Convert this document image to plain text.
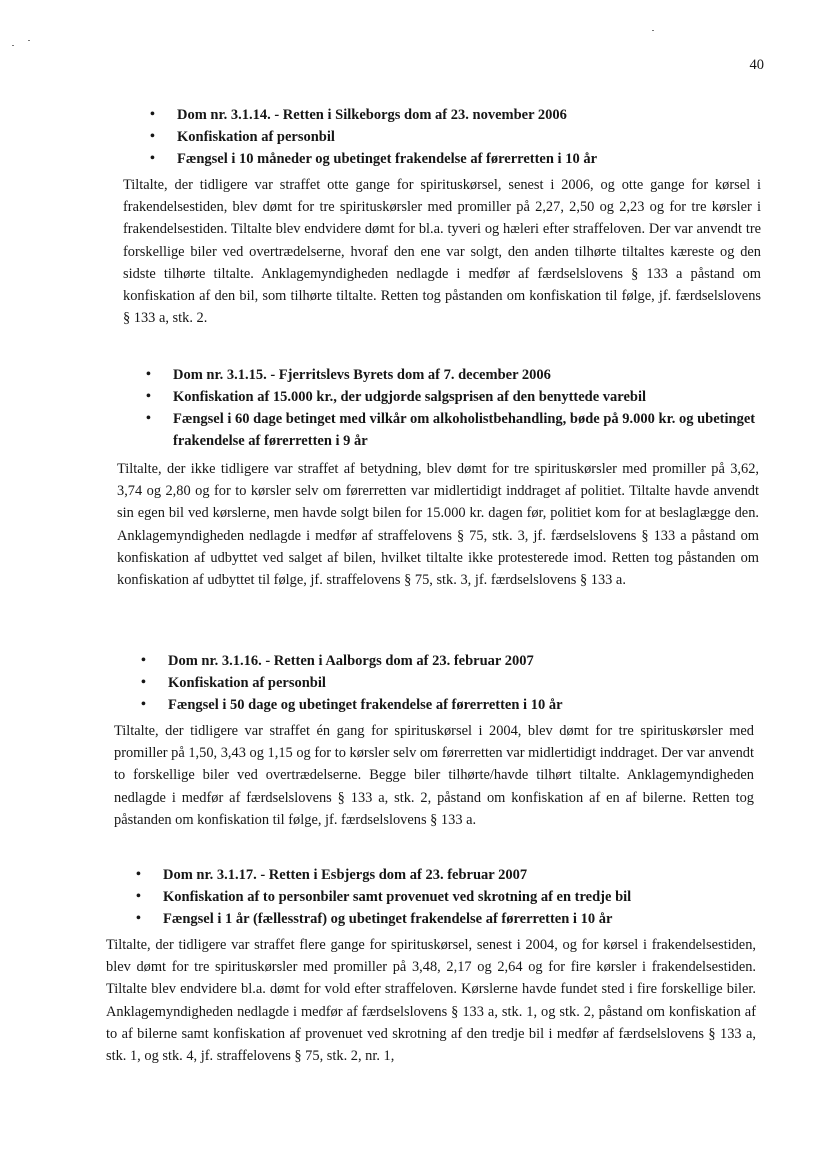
40
• Dom nr. 3.1.14. - Retten i Silkeborgs dom af 23. november 2006
• Konfiskation af personbil
• Fængsel i 10 måneder og ubetinget frakendelse af førerretten i 10 år

Tiltalte, der tidligere var straffet otte gange for spirituskørsel, senest i 2006, og otte gange for kørsel i frakendelsestiden, blev dømt for tre spirituskørsler med promiller på 2,27, 2,50 og 2,23 og for tre kørsler i frakendelsestiden. Tiltalte blev endvidere dømt for bl.a. tyveri og hæleri efter straffeloven. Der var anvendt tre forskellige biler ved overtrædelserne, hvoraf den ene var solgt, den anden tilhørte tiltaltes kæreste og den sidste tilhørte tiltalte. Anklagemyndigheden nedlagde i medfør af færdselslovens § 133 a påstand om konfiskation af den bil, som tilhørte tiltalte. Retten tog påstanden om konfiskation til følge, jf. færdselslovens § 133 a, stk. 2.

• Dom nr. 3.1.15. - Fjerritslevs Byrets dom af 7. december 2006
• Konfiskation af 15.000 kr., der udgjorde salgsprisen af den benyttede varebil
• Fængsel i 60 dage betinget med vilkår om alkoholistbehandling, bøde på 9.000 kr. og ubetinget frakendelse af førerretten i 9 år

Tiltalte, der ikke tidligere var straffet af betydning, blev dømt for tre spirituskørsler med promiller på 3,62, 3,74 og 2,80 og for to kørsler selv om førerretten var midlertidigt inddraget af politiet. Tiltalte havde anvendt sin egen bil ved kørslerne, men havde solgt bilen for 15.000 kr. dagen før, politiet kom for at beslaglægge den. Anklagemyndigheden nedlagde i medfør af straffelovens § 75, stk. 3, jf. færdselslovens § 133 a påstand om konfiskation af udbyttet ved salget af bilen, hvilket tiltalte ikke protesterede imod. Retten tog påstanden om konfiskation af udbyttet til følge, jf. straffelovens § 75, stk. 3, jf. færdselslovens § 133 a.

• Dom nr. 3.1.16. - Retten i Aalborgs dom af 23. februar 2007
• Konfiskation af personbil
• Fængsel i 50 dage og ubetinget frakendelse af førerretten i 10 år

Tiltalte, der tidligere var straffet én gang for spirituskørsel i 2004, blev dømt for tre spirituskørsler med promiller på 1,50, 3,43 og 1,15 og for to kørsler selv om førerretten var midlertidigt inddraget. Der var anvendt to forskellige biler ved overtrædelserne. Begge biler tilhørte/havde tilhørt tiltalte. Anklagemyndigheden nedlagde i medfør af færdselslovens § 133 a, stk. 2, påstand om konfiskation af en af bilerne. Retten tog påstanden om konfiskation til følge, jf. færdselslovens § 133 a.

• Dom nr. 3.1.17. - Retten i Esbjergs dom af 23. februar 2007
• Konfiskation af to personbiler samt provenuet ved skrotning af en tredje bil
• Fængsel i 1 år (fællesstraf) og ubetinget frakendelse af førerretten i 10 år

Tiltalte, der tidligere var straffet flere gange for spirituskørsel, senest i 2004, og for kørsel i frakendelsestiden, blev dømt for tre spirituskørsler med promiller på 3,48, 2,17 og 2,64 og for fire kørsler i frakendelsestiden. Tiltalte blev endvidere bl.a. dømt for vold efter straffeloven. Kørslerne havde fundet sted i fire forskellige biler. Anklagemyndigheden nedlagde i medfør af færdselslovens § 133 a, stk. 1, og stk. 2, påstand om konfiskation af to af bilerne samt konfiskation af provenuet ved skrotning af den tredje bil i medfør af færdselslovens § 133 a, stk. 1, og stk. 4, jf. straffelovens § 75, stk. 2, nr. 1,
